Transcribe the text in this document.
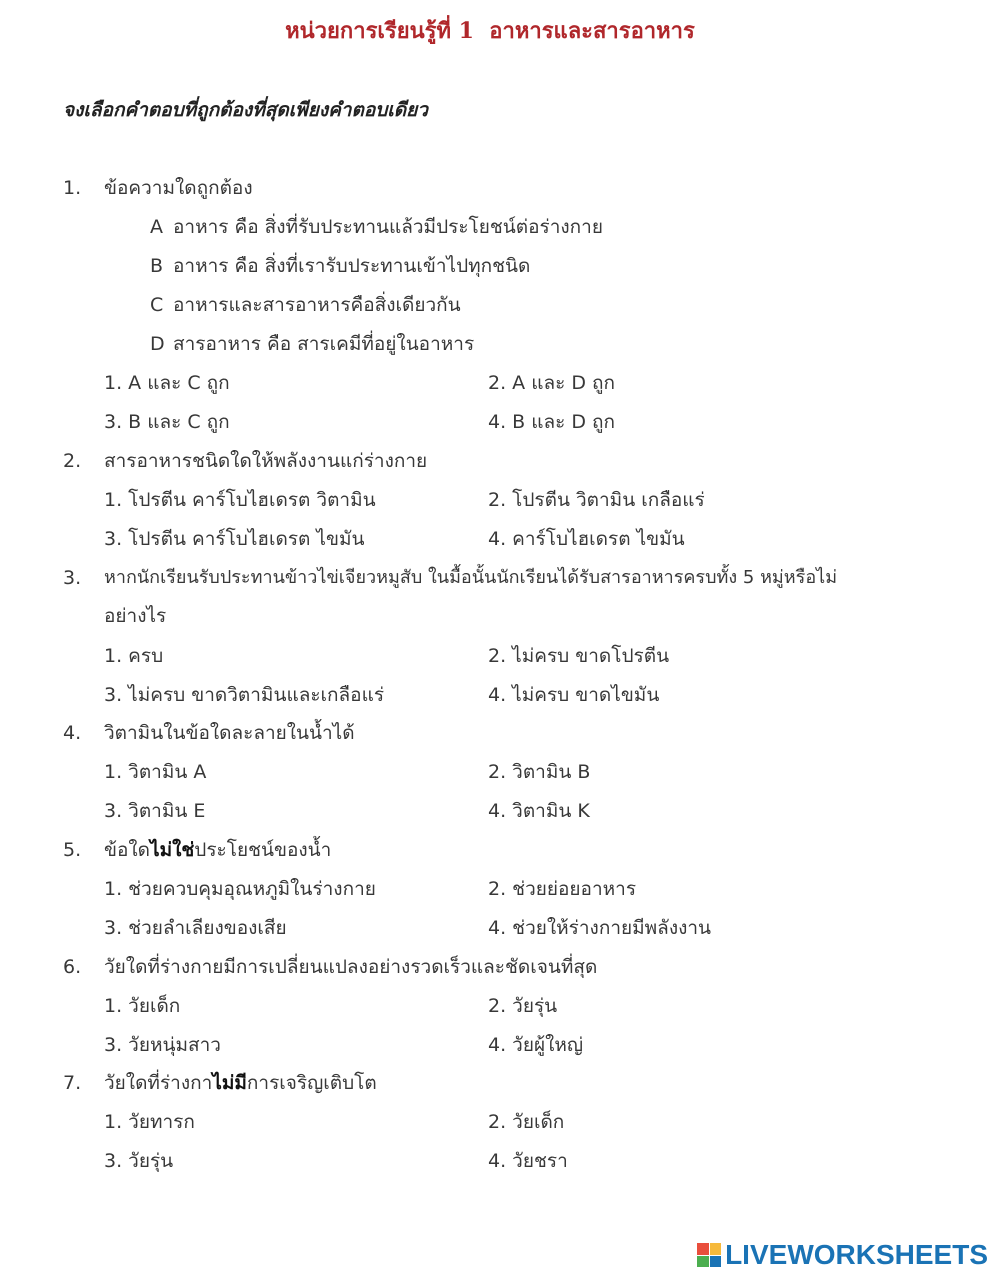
หน่วยการเรียนรู้ที่ 1  อาหารและสารอาหาร
จงเลือกคำตอบที่ถูกต้องที่สุดเพียงคำตอบเดียว
1. ข้อความใดถูกต้อง
A อาหาร คือ สิ่งที่รับประทานแล้วมีประโยชน์ต่อร่างกาย
B อาหาร คือ สิ่งที่เรารับประทานเข้าไปทุกชนิด
C อาหารและสารอาหารคือสิ่งเดียวกัน
D สารอาหาร คือ สารเคมีที่อยู่ในอาหาร
1. A และ C ถูก	2. A และ D ถูก
3. B และ C ถูก	4. B และ D ถูก
2. สารอาหารชนิดใดให้พลังงานแก่ร่างกาย
1. โปรตีน คาร์โบไฮเดรต วิตามิน	2. โปรตีน วิตามิน เกลือแร่
3. โปรตีน คาร์โบไฮเดรต ไขมัน	4. คาร์โบไฮเดรต ไขมัน
3. หากนักเรียนรับประทานข้าวไข่เจียวหมูสับ ในมื้อนั้นนักเรียนได้รับสารอาหารครบทั้ง 5 หมู่หรือไม่
อย่างไร
1. ครบ	2. ไม่ครบ ขาดโปรตีน
3. ไม่ครบ ขาดวิตามินและเกลือแร่	4. ไม่ครบ ขาดไขมัน
4. วิตามินในข้อใดละลายในน้ำได้
1. วิตามิน A	2. วิตามิน B
3. วิตามิน E	4. วิตามิน K
5. ข้อใดไม่ใช่ประโยชน์ของน้ำ
1. ช่วยควบคุมอุณหภูมิในร่างกาย	2. ช่วยย่อยอาหาร
3. ช่วยลำเลียงของเสีย	4. ช่วยให้ร่างกายมีพลังงาน
6. วัยใดที่ร่างกายมีการเปลี่ยนแปลงอย่างรวดเร็วและชัดเจนที่สุด
1. วัยเด็ก	2. วัยรุ่น
3. วัยหนุ่มสาว	4. วัยผู้ใหญ่
7. วัยใดที่ร่างกาไม่มีการเจริญเติบโต
1. วัยทารก	2. วัยเด็ก
3. วัยรุ่น	4. วัยชรา
LIVEWORKSHEETS
